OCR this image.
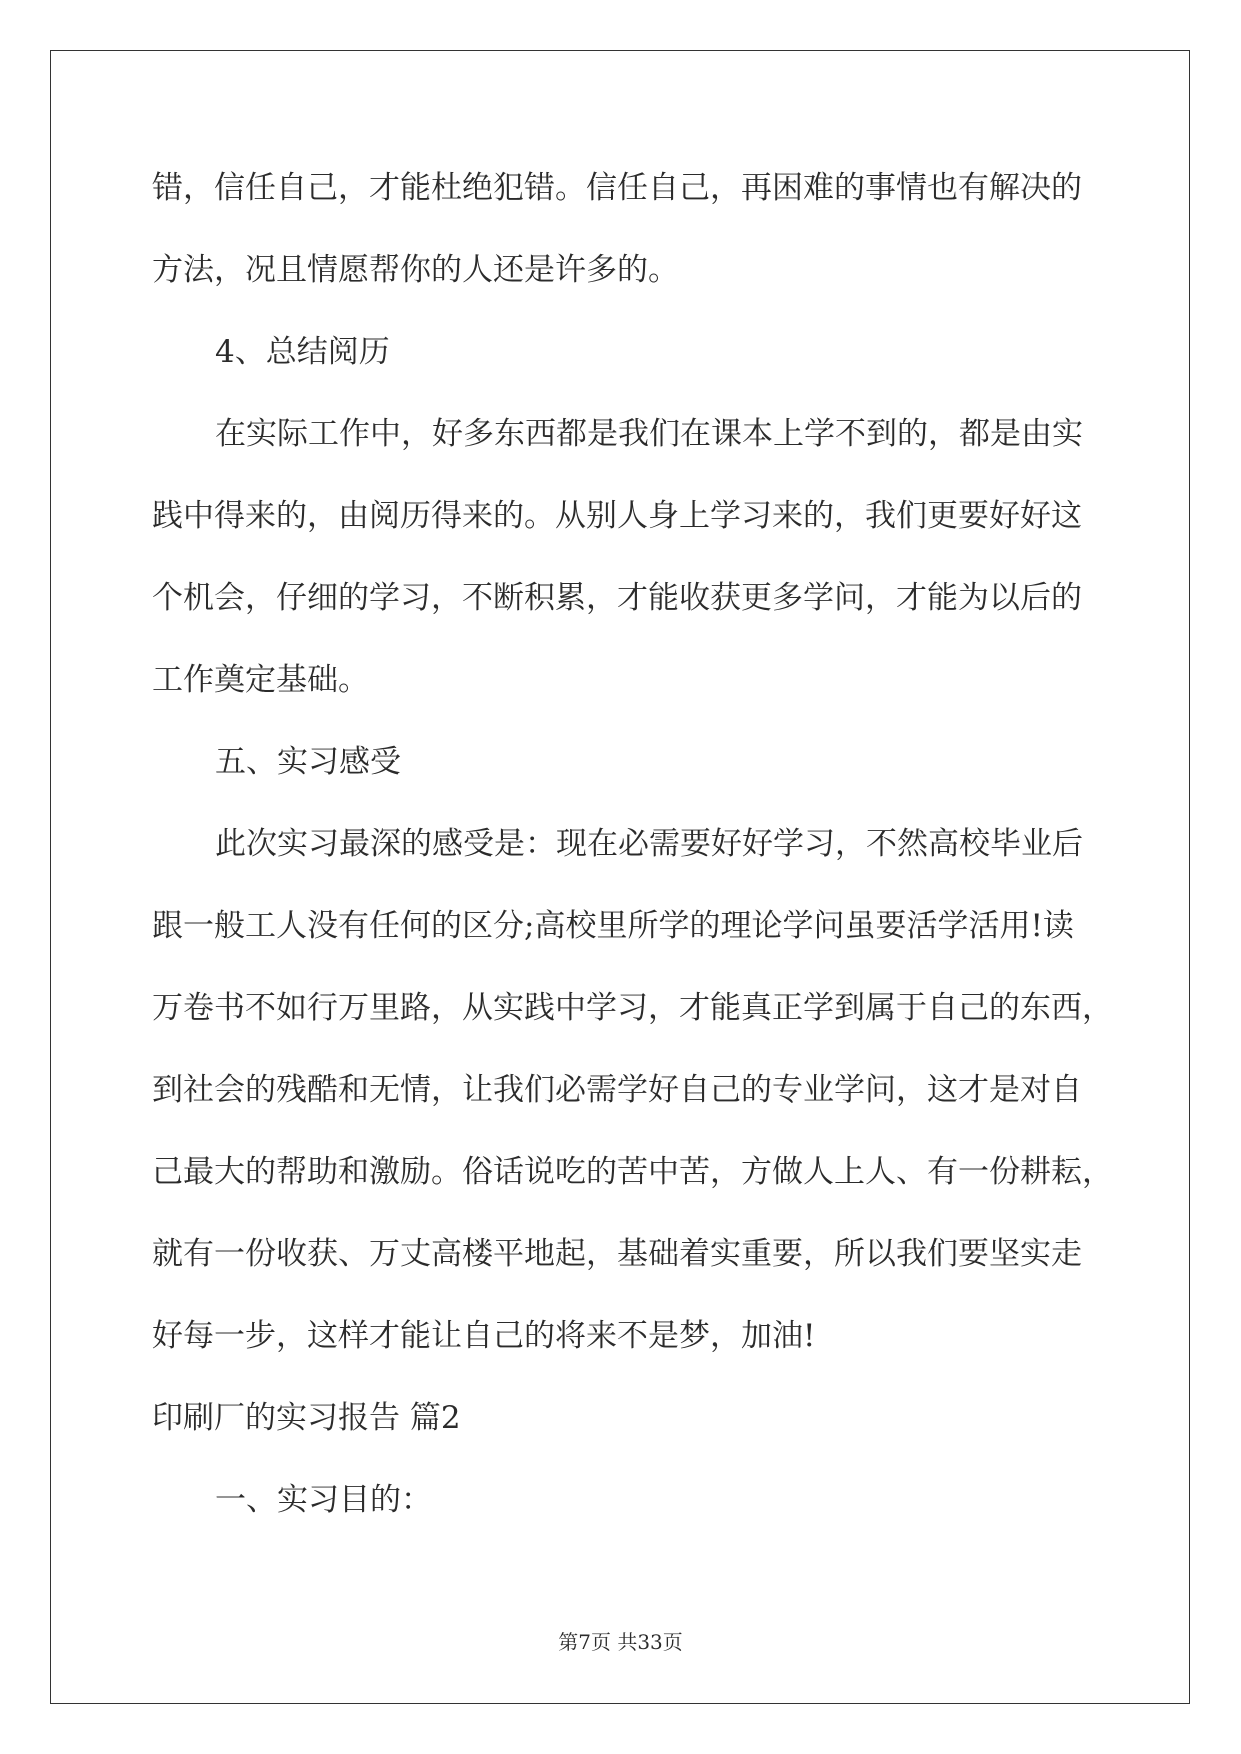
错，信任自己，才能杜绝犯错。信任自己，再困难的事情也有解决的

方法，况且情愿帮你的人还是许多的。

4、总结阅历

在实际工作中，好多东西都是我们在课本上学不到的，都是由实

践中得来的，由阅历得来的。从别人身上学习来的，我们更要好好这

个机会，仔细的学习，不断积累，才能收获更多学问，才能为以后的

工作奠定基础。

五、实习感受

此次实习最深的感受是：现在必需要好好学习，不然高校毕业后

跟一般工人没有任何的区分;高校里所学的理论学问虽要活学活用!读

万卷书不如行万里路，从实践中学习，才能真正学到属于自己的东西，

到社会的残酷和无情，让我们必需学好自己的专业学问，这才是对自

己最大的帮助和激励。俗话说吃的苦中苦，方做人上人、有一份耕耘，

就有一份收获、万丈高楼平地起，基础着实重要，所以我们要坚实走

好每一步，这样才能让自己的将来不是梦，加油!

印刷厂的实习报告 篇2

一、实习目的：

第7页 共33页
